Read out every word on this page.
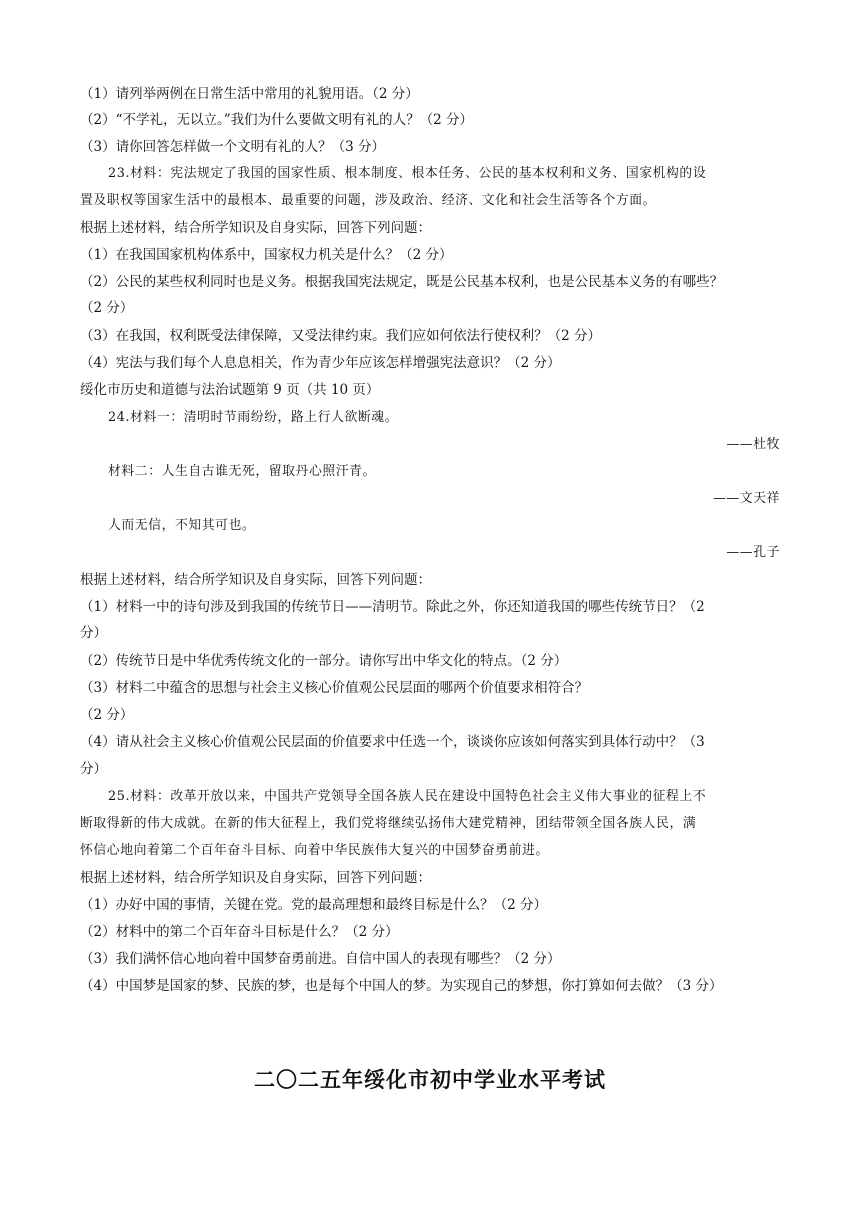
（1）请列举两例在日常生活中常用的礼貌用语。（2 分）
（2）“不学礼，无以立。”我们为什么要做文明有礼的人？（2 分）
（3）请你回答怎样做一个文明有礼的人？（3 分）
23.材料：宪法规定了我国的国家性质、根本制度、根本任务、公民的基本权利和义务、国家机构的设
置及职权等国家生活中的最根本、最重要的问题，涉及政治、经济、文化和社会生活等各个方面。
根据上述材料，结合所学知识及自身实际，回答下列问题：
（1）在我国国家机构体系中，国家权力机关是什么？（2 分）
（2）公民的某些权利同时也是义务。根据我国宪法规定，既是公民基本权利，也是公民基本义务的有哪些？
（2 分）
（3）在我国，权利既受法律保障，又受法律约束。我们应如何依法行使权利？（2 分）
（4）宪法与我们每个人息息相关，作为青少年应该怎样增强宪法意识？（2 分）
绥化市历史和道德与法治试题第 9 页（共 10 页）
24.材料一：清明时节雨纷纷，路上行人欲断魂。
——杜牧
材料二：人生自古谁无死，留取丹心照汗青。
——文天祥
人而无信，不知其可也。
——孔子
根据上述材料，结合所学知识及自身实际，回答下列问题：
（1）材料一中的诗句涉及到我国的传统节日——清明节。除此之外，你还知道我国的哪些传统节日？（2
分）
（2）传统节日是中华优秀传统文化的一部分。请你写出中华文化的特点。（2 分）
（3）材料二中蕴含的思想与社会主义核心价值观公民层面的哪两个价值要求相符合？
（2 分）
（4）请从社会主义核心价值观公民层面的价值要求中任选一个，谈谈你应该如何落实到具体行动中？（3
分）
25.材料：改革开放以来，中国共产党领导全国各族人民在建设中国特色社会主义伟大事业的征程上不
断取得新的伟大成就。在新的伟大征程上，我们党将继续弘扬伟大建党精神，团结带领全国各族人民，满
怀信心地向着第二个百年奋斗目标、向着中华民族伟大复兴的中国梦奋勇前进。
根据上述材料，结合所学知识及自身实际，回答下列问题：
（1）办好中国的事情，关键在党。党的最高理想和最终目标是什么？（2 分）
（2）材料中的第二个百年奋斗目标是什么？（2 分）
（3）我们满怀信心地向着中国梦奋勇前进。自信中国人的表现有哪些？（2 分）
（4）中国梦是国家的梦、民族的梦，也是每个中国人的梦。为实现自己的梦想，你打算如何去做？（3 分）
二〇二五年绥化市初中学业水平考试
